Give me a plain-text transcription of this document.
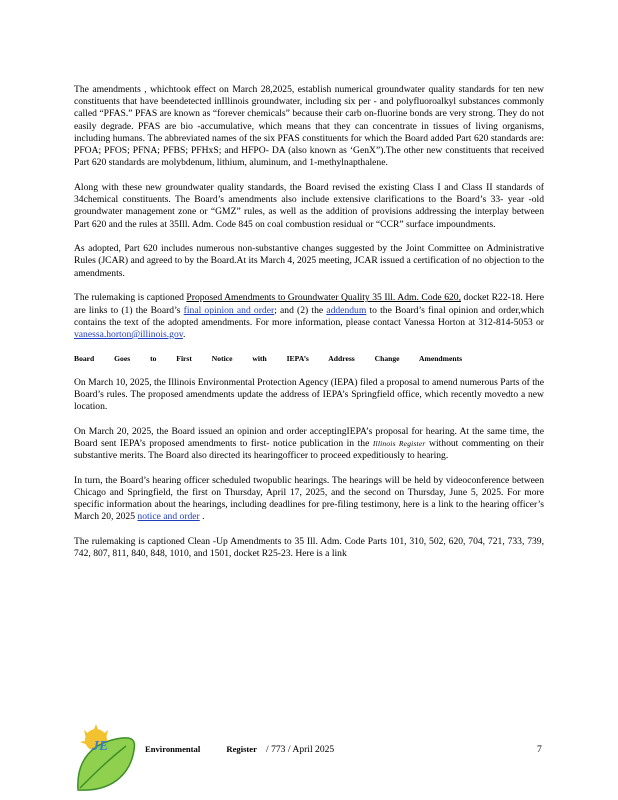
The amendments , whichtook effect on March 28,2025, establish numerical groundwater quality standards for ten new constituents that have beendetected inIllinois groundwater, including six per - and polyfluoroalkyl substances commonly called “PFAS.” PFAS are known as “forever chemicals” because their carb on-fluorine bonds are very strong. They do not easily degrade. PFAS are bio -accumulative, which means that they can concentrate in tissues of living organisms, including humans. The abbreviated names of the six PFAS constituents for which the Board added Part 620 standards are: PFOA; PFOS; PFNA; PFBS; PFHxS; and HFPO- DA (also known as ‘GenX”).The other new constituents that received Part 620 standards are molybdenum, lithium, aluminum, and 1-methylnapthalene.

Along with these new groundwater quality standards, the Board revised the existing Class I and Class II standards of 34chemical constituents. The Board’s amendments also include extensive clarifications to the Board’s 33- year -old groundwater management zone or “GMZ” rules, as well as the addition of provisions addressing the interplay between Part 620 and the rules at 35Ill. Adm. Code 845 on coal combustion residual or “CCR” surface impoundments.

As adopted, Part 620 includes numerous non-substantive changes suggested by the Joint Committee on Administrative Rules (JCAR) and agreed to by the Board.At its March 4, 2025 meeting, JCAR issued a certification of no objection to the amendments.

The rulemaking is captioned Proposed Amendments to Groundwater Quality 35 Ill. Adm. Code 620, docket R22-18. Here are links to (1) the Board’s final opinion and order; and (2) the addendum to the Board’s final opinion and order,which contains the text of the adopted amendments. For more information, please contact Vanessa Horton at 312-814-5053 or vanessa.horton@illinois.gov.

Board Goes to First Notice with IEPA’s Address Change Amendments

On March 10, 2025, the Illinois Environmental Protection Agency (IEPA) filed a proposal to amend numerous Parts of the Board’s rules. The proposed amendments update the address of IEPA’s Springfield office, which recently movedto a new location.

On March 20, 2025, the Board issued an opinion and order acceptingIEPA’s proposal for hearing. At the same time, the Board sent IEPA’s proposed amendments to first- notice publication in the Illinois Register without commenting on their substantive merits. The Board also directed its hearingofficer to proceed expeditiously to hearing.

In turn, the Board’s hearing officer scheduled twopublic hearings. The hearings will be held by videoconference between Chicago and Springfield, the first on Thursday, April 17, 2025, and the second on Thursday, June 5, 2025. For more specific information about the hearings, including deadlines for pre-filing testimony, here is a link to the hearing officer’s March 20, 2025 notice and order .

The rulemaking is captioned Clean -Up Amendments to 35 Ill. Adm. Code Parts 101, 310, 502, 620, 704, 721, 733, 739, 742, 807, 811, 840, 848, 1010, and 1501, docket R25-23. Here is a link

JE	Environmental Register / 773 / April 2025	7
